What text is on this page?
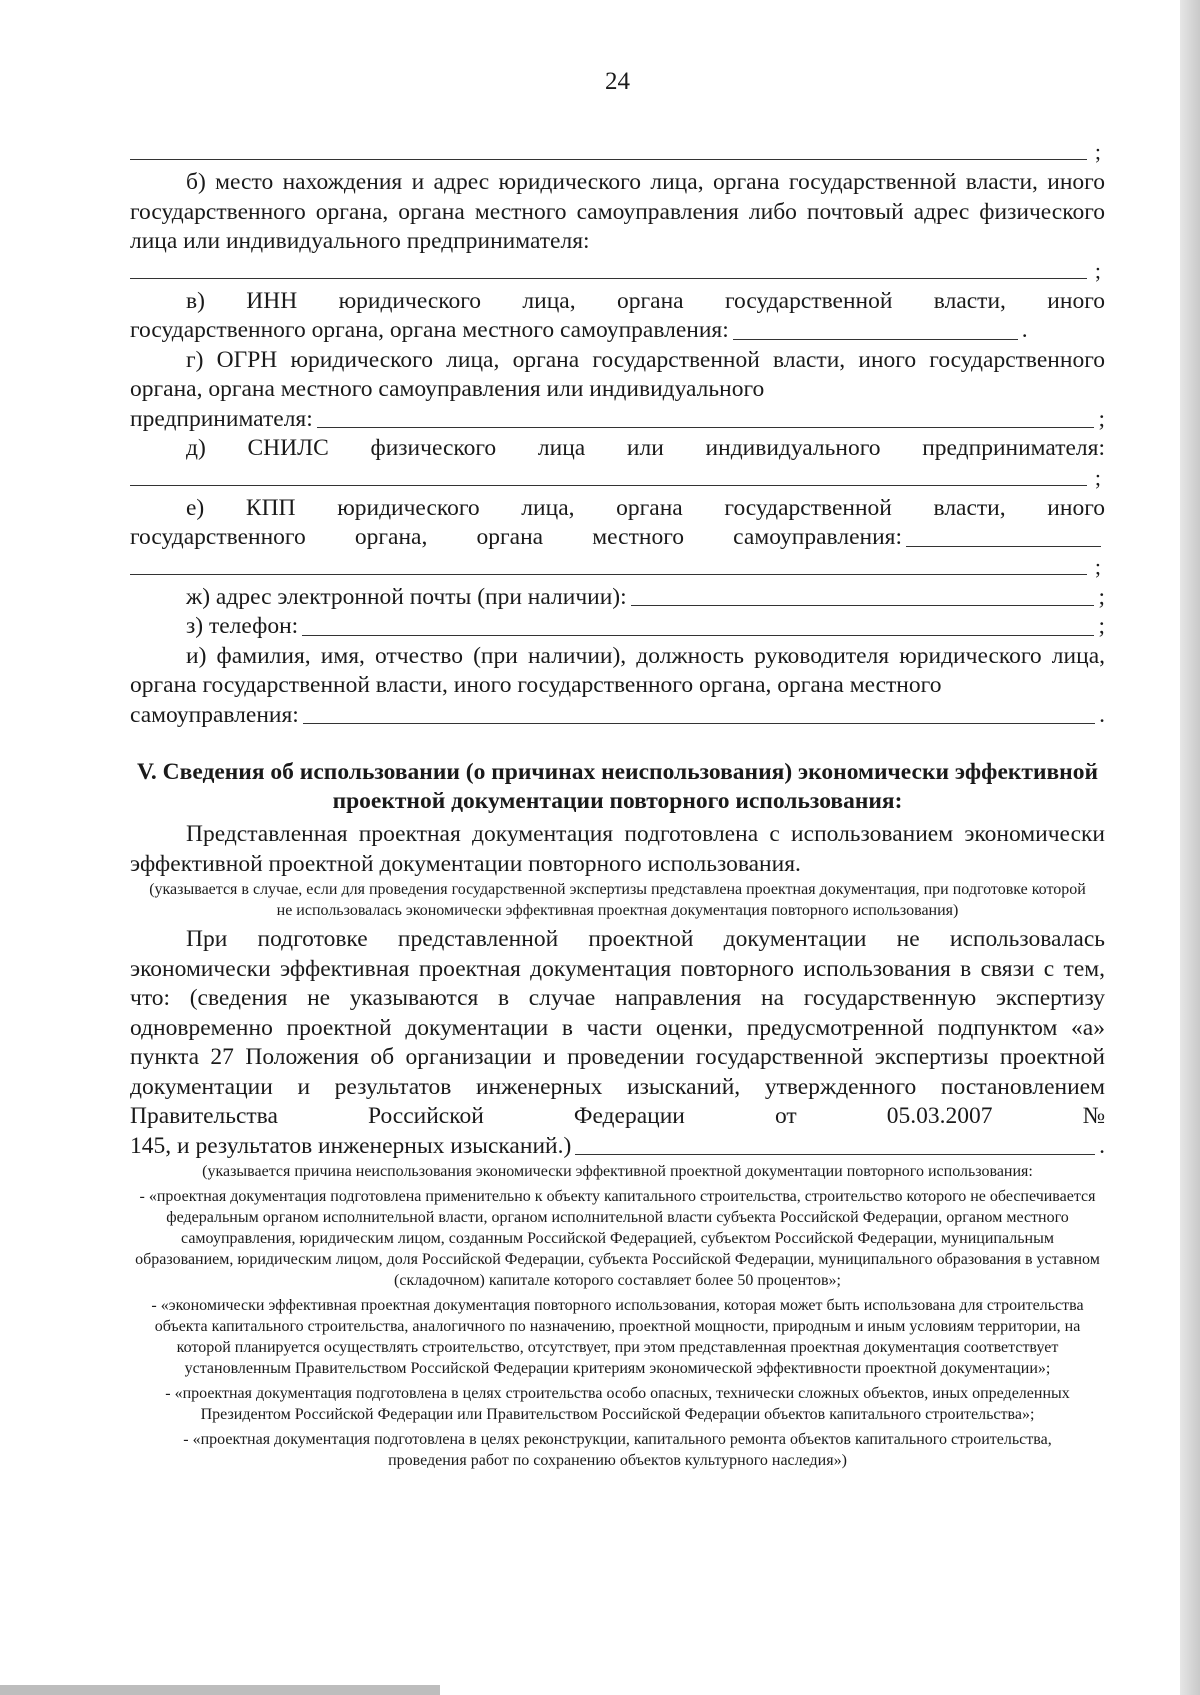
24
;

б) место нахождения и адрес юридического лица, органа государственной власти, иного государственного органа, органа местного самоуправления либо почтовый адрес физического лица или индивидуального предпринимателя:

;

в) ИНН юридического лица, органа государственной власти, иного

государственного органа, органа местного самоуправления:	.

г) ОГРН юридического лица, органа государственной власти, иного государственного органа, органа местного самоуправления или индивидуального

предпринимателя:	;

д) СНИЛС физического лица или индивидуального предпринимателя:

;

е) КПП юридического лица, органа государственной власти, иного

государственного органа, органа местного самоуправления:
;
ж) адрес электронной почты (при наличии):	;
з) телефон:	;

и) фамилия, имя, отчество (при наличии), должность руководителя юридического лица, органа государственной власти, иного государственного органа, органа местного

самоуправления:	.
V. Сведения об использовании (о причинах неиспользования) экономически эффективной проектной документации повторного использования:

Представленная проектная документация подготовлена с использованием экономически эффективной проектной документации повторного использования.

(указывается в случае, если для проведения государственной экспертизы представлена проектная документация, при подготовке которой не использовалась экономически эффективная проектная документация повторного использования)

При подготовке представленной проектной документации не использовалась экономически эффективная проектная документация повторного использования в связи с тем, что: (сведения не указываются в случае направления на государственную экспертизу одновременно проектной документации в части оценки, предусмотренной подпунктом «а» пункта 27 Положения об организации и проведении государственной экспертизы проектной документации и результатов инженерных изысканий, утвержденного постановлением Правительства Российской Федерации от 05.03.2007 №

145, и результатов инженерных изысканий.)	.
(указывается причина неиспользования экономически эффективной проектной документации повторного использования:
- «проектная документация подготовлена применительно к объекту капитального строительства, строительство которого не обеспечивается федеральным органом исполнительной власти, органом исполнительной власти субъекта Российской Федерации, органом местного самоуправления, юридическим лицом, созданным Российской Федерацией, субъектом Российской Федерации, муниципальным образованием, юридическим лицом, доля Российской Федерации, субъекта Российской Федерации, муниципального образования в уставном (складочном) капитале которого составляет более 50 процентов»;
- «экономически эффективная проектная документация повторного использования, которая может быть использована для строительства объекта капитального строительства, аналогичного по назначению, проектной мощности, природным и иным условиям территории, на которой планируется осуществлять строительство, отсутствует, при этом представленная проектная документация соответствует установленным Правительством Российской Федерации критериям экономической эффективности проектной документации»;
- «проектная документация подготовлена в целях строительства особо опасных, технически сложных объектов, иных определенных Президентом Российской Федерации или Правительством Российской Федерации объектов капитального строительства»;
- «проектная документация подготовлена в целях реконструкции, капитального ремонта объектов капитального строительства, проведения работ по сохранению объектов культурного наследия»)
